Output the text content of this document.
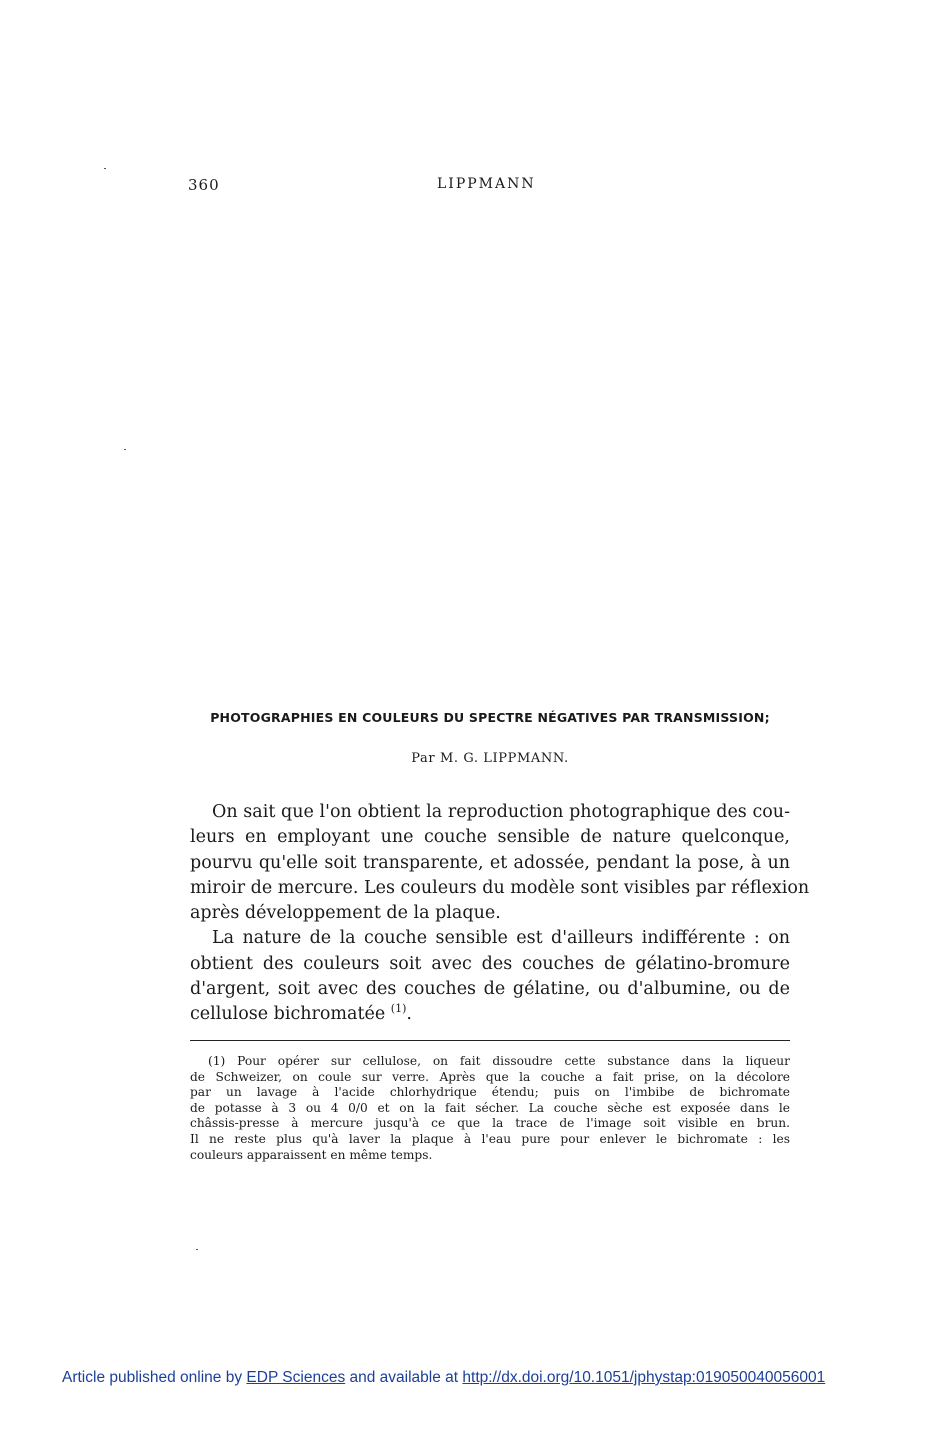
360	LIPPMANN
PHOTOGRAPHIES EN COULEURS DU SPECTRE NÉGATIVES PAR TRANSMISSION;
Par M. G. LIPPMANN.
On sait que l'on obtient la reproduction photographique des cou-
leurs en employant une couche sensible de nature quelconque,
pourvu qu'elle soit transparente, et adossée, pendant la pose, à un
miroir de mercure. Les couleurs du modèle sont visibles par réflexion
après développement de la plaque.
La nature de la couche sensible est d'ailleurs indifférente : on
obtient des couleurs soit avec des couches de gélatino-bromure
d'argent, soit avec des couches de gélatine, ou d'albumine, ou de
cellulose bichromatée $^{(1)}$.
(1) Pour opérer sur cellulose, on fait dissoudre cette substance dans la liqueur
de Schweizer, on coule sur verre. Après que la couche a fait prise, on la décolore
par un lavage à l'acide chlorhydrique étendu; puis on l'imbibe de bichromate
de potasse à 3 ou 4 0/0 et on la fait sécher. La couche sèche est exposée dans le
châssis-presse à mercure jusqu'à ce que la trace de l'image soit visible en brun.
Il ne reste plus qu'à laver la plaque à l'eau pure pour enlever le bichromate : les
couleurs apparaissent en même temps.
Article published online by EDP Sciences and available at http://dx.doi.org/10.1051/jphystap:019050040056001
